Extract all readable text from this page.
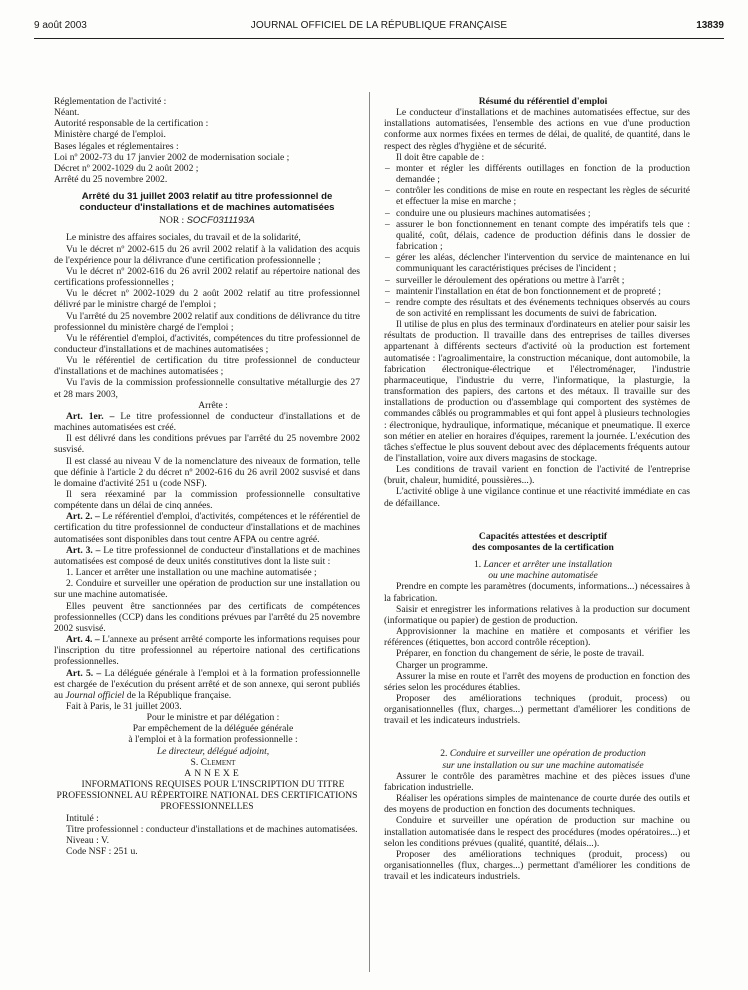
9 août 2003	JOURNAL OFFICIEL DE LA RÉPUBLIQUE FRANÇAISE	13839

Réglementation de l'activité :

Néant.

Autorité responsable de la certification :

Ministère chargé de l'emploi.

Bases légales et réglementaires :

Loi nº 2002-73 du 17 janvier 2002 de modernisation sociale ;

Décret nº 2002-1029 du 2 août 2002 ;

Arrêté du 25 novembre 2002.

Arrêté du 31 juillet 2003 relatif au titre professionnel de conducteur d'installations et de machines automatisées
NOR : SOCF0311193A

Le ministre des affaires sociales, du travail et de la solidarité,

Vu le décret nº 2002-615 du 26 avril 2002 relatif à la validation des acquis de l'expérience pour la délivrance d'une certification professionnelle ;

Vu le décret nº 2002-616 du 26 avril 2002 relatif au répertoire national des certifications professionnelles ;

Vu le décret nº 2002-1029 du 2 août 2002 relatif au titre professionnel délivré par le ministre chargé de l'emploi ;

Vu l'arrêté du 25 novembre 2002 relatif aux conditions de délivrance du titre professionnel du ministère chargé de l'emploi ;

Vu le référentiel d'emploi, d'activités, compétences du titre professionnel de conducteur d'installations et de machines automatisées ;

Vu le référentiel de certification du titre professionnel de conducteur d'installations et de machines automatisées ;

Vu l'avis de la commission professionnelle consultative métallurgie des 27 et 28 mars 2003,

Arrête :

Art. 1er. – Le titre professionnel de conducteur d'installations et de machines automatisées est créé.

Il est délivré dans les conditions prévues par l'arrêté du 25 novembre 2002 susvisé.

Il est classé au niveau V de la nomenclature des niveaux de formation, telle que définie à l'article 2 du décret nº 2002-616 du 26 avril 2002 susvisé et dans le domaine d'activité 251 u (code NSF).

Il sera réexaminé par la commission professionnelle consultative compétente dans un délai de cinq années.

Art. 2. – Le référentiel d'emploi, d'activités, compétences et le référentiel de certification du titre professionnel de conducteur d'installations et de machines automatisées sont disponibles dans tout centre AFPA ou centre agréé.

Art. 3. – Le titre professionnel de conducteur d'installations et de machines automatisées est composé de deux unités constitutives dont la liste suit :

1. Lancer et arrêter une installation ou une machine automatisée ;

2. Conduire et surveiller une opération de production sur une installation ou sur une machine automatisée.

Elles peuvent être sanctionnées par des certificats de compétences professionnelles (CCP) dans les conditions prévues par l'arrêté du 25 novembre 2002 susvisé.

Art. 4. – L'annexe au présent arrêté comporte les informations requises pour l'inscription du titre professionnel au répertoire national des certifications professionnelles.

Art. 5. – La déléguée générale à l'emploi et à la formation professionnelle est chargée de l'exécution du présent arrêté et de son annexe, qui seront publiés au Journal officiel de la République française.

Fait à Paris, le 31 juillet 2003.

Pour le ministre et par délégation :

Par empêchement de la déléguée générale

à l'emploi et à la formation professionnelle :

Le directeur, délégué adjoint,

S. Clement

ANNEXE

INFORMATIONS REQUISES POUR L'INSCRIPTION DU TITRE PROFESSIONNEL AU RÉPERTOIRE NATIONAL DES CERTIFICATIONS PROFESSIONNELLES

Intitulé :

Titre professionnel : conducteur d'installations et de machines automatisées.

Niveau : V.

Code NSF : 251 u.

Résumé du référentiel d'emploi

Le conducteur d'installations et de machines automatisées effectue, sur des installations automatisées, l'ensemble des actions en vue d'une production conforme aux normes fixées en termes de délai, de qualité, de quantité, dans le respect des règles d'hygiène et de sécurité.

Il doit être capable de :

– monter et régler les différents outillages en fonction de la production demandée ;
– contrôler les conditions de mise en route en respectant les règles de sécurité et effectuer la mise en marche ;
– conduire une ou plusieurs machines automatisées ;
– assurer le bon fonctionnement en tenant compte des impératifs tels que : qualité, coût, délais, cadence de production définis dans le dossier de fabrication ;
– gérer les aléas, déclencher l'intervention du service de maintenance en lui communiquant les caractéristiques précises de l'incident ;
– surveiller le déroulement des opérations ou mettre à l'arrêt ;
– maintenir l'installation en état de bon fonctionnement et de propreté ;
– rendre compte des résultats et des événements techniques observés au cours de son activité en remplissant les documents de suivi de fabrication.

Il utilise de plus en plus des terminaux d'ordinateurs en atelier pour saisir les résultats de production. Il travaille dans des entreprises de tailles diverses appartenant à différents secteurs d'activité où la production est fortement automatisée : l'agroalimentaire, la construction mécanique, dont automobile, la fabrication électronique-électrique et l'électroménager, l'industrie pharmaceutique, l'industrie du verre, l'informatique, la plasturgie, la transformation des papiers, des cartons et des métaux. Il travaille sur des installations de production ou d'assemblage qui comportent des systèmes de commandes câblés ou programmables et qui font appel à plusieurs technologies : électronique, hydraulique, informatique, mécanique et pneumatique. Il exerce son métier en atelier en horaires d'équipes, rarement la journée. L'exécution des tâches s'effectue le plus souvent debout avec des déplacements fréquents autour de l'installation, voire aux divers magasins de stockage.

Les conditions de travail varient en fonction de l'activité de l'entreprise (bruit, chaleur, humidité, poussières...).

L'activité oblige à une vigilance continue et une réactivité immédiate en cas de défaillance.

Capacités attestées et descriptif

des composantes de la certification

1. Lancer et arrêter une installation

ou une machine automatisée

Prendre en compte les paramètres (documents, informations...) nécessaires à la fabrication.

Saisir et enregistrer les informations relatives à la production sur document (informatique ou papier) de gestion de production.

Approvisionner la machine en matière et composants et vérifier les références (étiquettes, bon accord contrôle réception).

Préparer, en fonction du changement de série, le poste de travail.

Charger un programme.

Assurer la mise en route et l'arrêt des moyens de production en fonction des séries selon les procédures établies.

Proposer des améliorations techniques (produit, process) ou organisationnelles (flux, charges...) permettant d'améliorer les conditions de travail et les indicateurs industriels.

2. Conduire et surveiller une opération de production

sur une installation ou sur une machine automatisée

Assurer le contrôle des paramètres machine et des pièces issues d'une fabrication industrielle.

Réaliser les opérations simples de maintenance de courte durée des outils et des moyens de production en fonction des documents techniques.

Conduire et surveiller une opération de production sur machine ou installation automatisée dans le respect des procédures (modes opératoires...) et selon les conditions prévues (qualité, quantité, délais...).

Proposer des améliorations techniques (produit, process) ou organisationnelles (flux, charges...) permettant d'améliorer les conditions de travail et les indicateurs industriels.
